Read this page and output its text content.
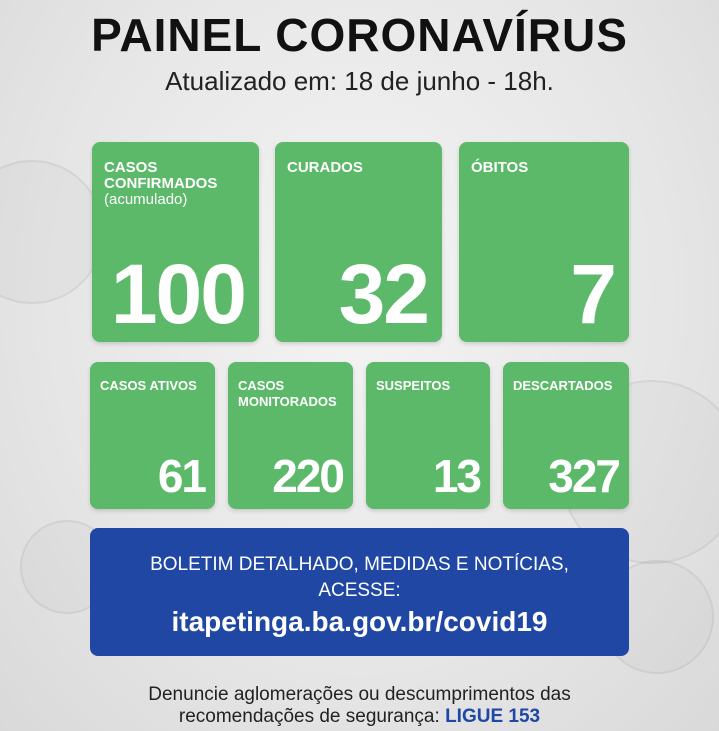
PAINEL CORONAVÍRUS
Atualizado em: 18 de junho - 18h.
CASOS CONFIRMADOS
(acumulado)
100
CURADOS
32
ÓBITOS
7
CASOS ATIVOS
61
CASOS MONITORADOS
220
SUSPEITOS
13
DESCARTADOS
327
BOLETIM DETALHADO, MEDIDAS E NOTÍCIAS,
ACESSE:
itapetinga.ba.gov.br/covid19
Denuncie aglomerações ou descumprimentos das
recomendações de segurança: LIGUE 153
